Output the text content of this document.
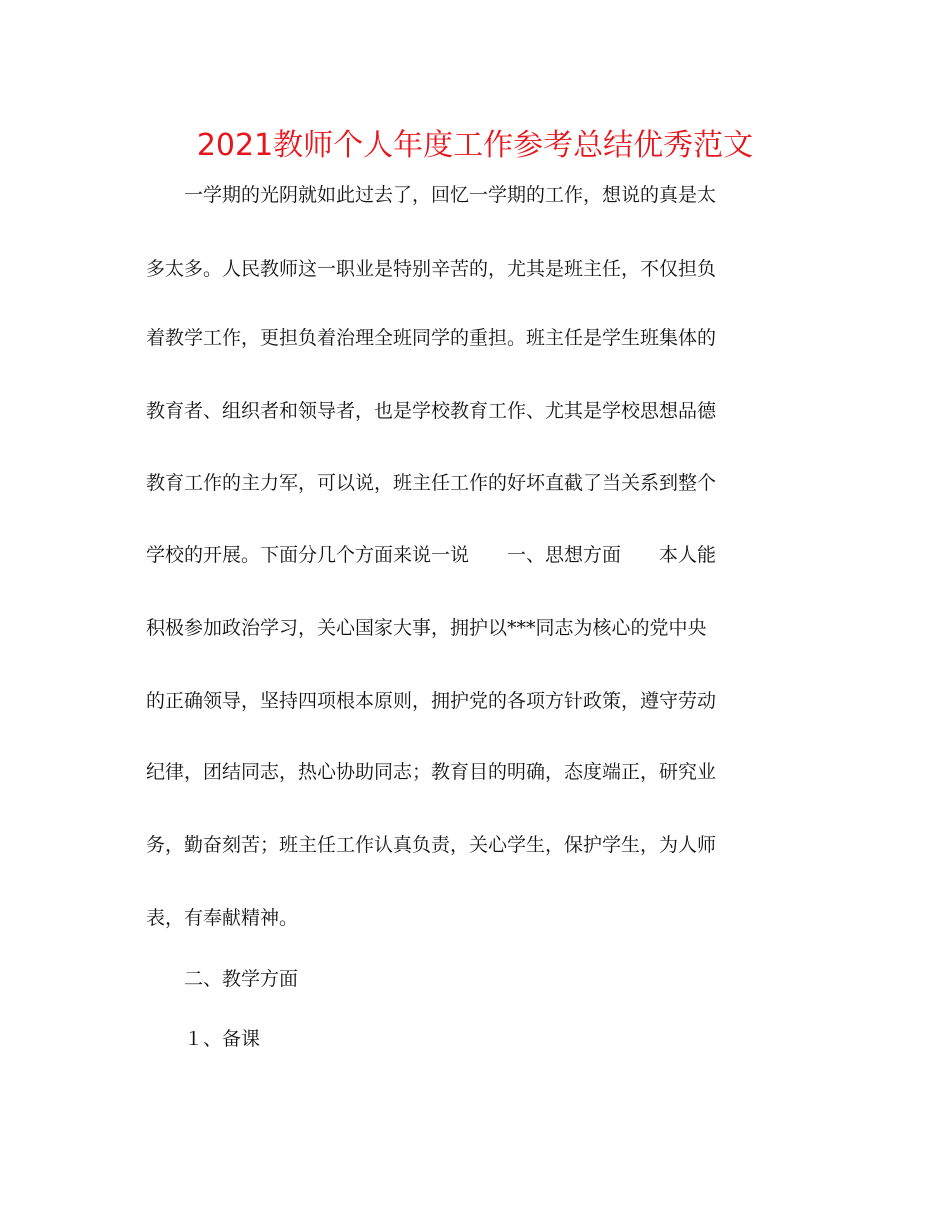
2021教师个人年度工作参考总结优秀范文

　　一学期的光阴就如此过去了，回忆一学期的工作，想说的真是太

多太多。人民教师这一职业是特别辛苦的，尤其是班主任，不仅担负

着教学工作，更担负着治理全班同学的重担。班主任是学生班集体的

教育者、组织者和领导者，也是学校教育工作、尤其是学校思想品德

教育工作的主力军，可以说，班主任工作的好坏直截了当关系到整个

学校的开展。下面分几个方面来说一说　　一、思想方面　　本人能

积极参加政治学习，关心国家大事，拥护以***同志为核心的党中央

的正确领导，坚持四项根本原则，拥护党的各项方针政策，遵守劳动

纪律，团结同志，热心协助同志；教育目的明确，态度端正，研究业

务，勤奋刻苦；班主任工作认真负责，关心学生，保护学生，为人师

表，有奉献精神。

　　二、教学方面

　　１、备课
